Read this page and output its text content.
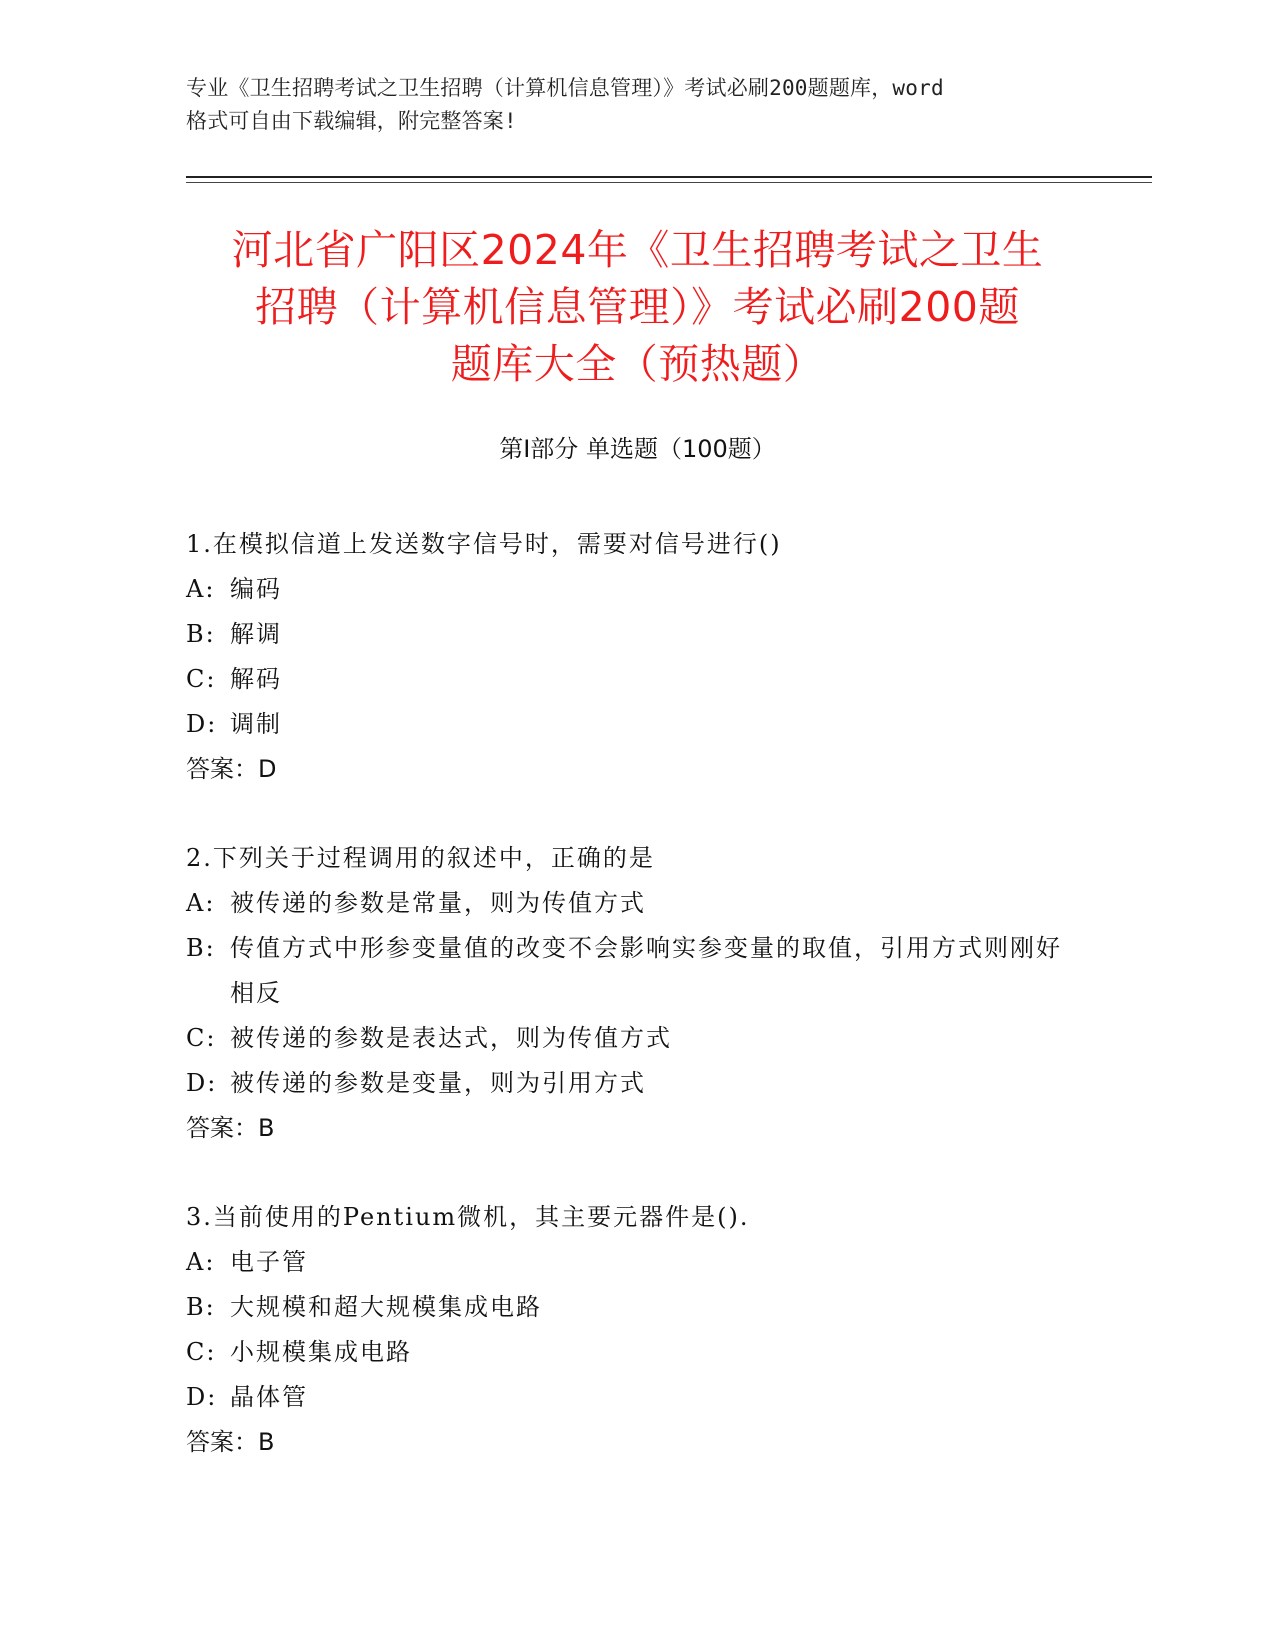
专业《卫生招聘考试之卫生招聘（计算机信息管理）》考试必刷200题题库，word
格式可自由下载编辑，附完整答案!
河北省广阳区2024年《卫生招聘考试之卫生
招聘（计算机信息管理）》考试必刷200题
题库大全（预热题）
第Ⅰ部分 单选题（100题）
1.在模拟信道上发送数字信号时，需要对信号进行()
A: 编码
B: 解调
C: 解码
D: 调制
答案：D
2.下列关于过程调用的叙述中，正确的是
A: 被传递的参数是常量，则为传值方式
B: 传值方式中形参变量值的改变不会影响实参变量的取值，引用方式则刚好相反
C: 被传递的参数是表达式，则为传值方式
D: 被传递的参数是变量，则为引用方式
答案：B
3.当前使用的Pentium微机，其主要元器件是().
A: 电子管
B: 大规模和超大规模集成电路
C: 小规模集成电路
D: 晶体管
答案：B
